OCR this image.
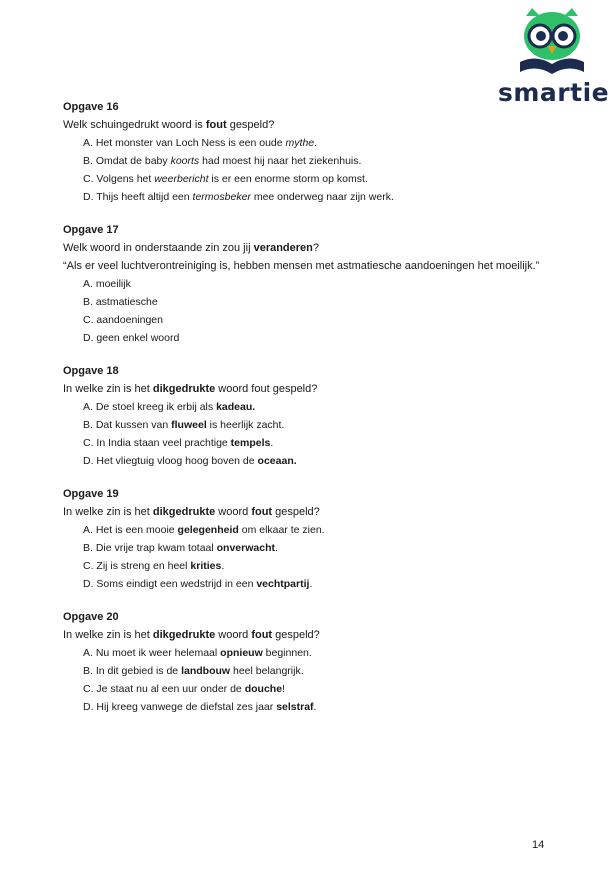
smartie
Opgave 16
Welk schuingedrukt woord is fout gespeld?
A. Het monster van Loch Ness is een oude mythe.
B. Omdat de baby koorts had moest hij naar het ziekenhuis.
C. Volgens het weerbericht is er een enorme storm op komst.
D. Thijs heeft altijd een termosbeker mee onderweg naar zijn werk.
Opgave 17
Welk woord in onderstaande zin zou jij veranderen?
“Als er veel luchtverontreiniging is, hebben mensen met astmatiesche aandoeningen het moeilijk.”
A. moeilijk
B. astmatiesche
C. aandoeningen
D. geen enkel woord
Opgave 18
In welke zin is het dikgedrukte woord fout gespeld?
A. De stoel kreeg ik erbij als kadeau.
B. Dat kussen van fluweel is heerlijk zacht.
C. In India staan veel prachtige tempels.
D. Het vliegtuig vloog hoog boven de oceaan.
Opgave 19
In welke zin is het dikgedrukte woord fout gespeld?
A. Het is een mooie gelegenheid om elkaar te zien.
B. Die vrije trap kwam totaal onverwacht.
C. Zij is streng en heel krities.
D. Soms eindigt een wedstrijd in een vechtpartij.
Opgave 20
In welke zin is het dikgedrukte woord fout gespeld?
A. Nu moet ik weer helemaal opnieuw beginnen.
B. In dit gebied is de landbouw heel belangrijk.
C. Je staat nu al een uur onder de douche!
D. Hij kreeg vanwege de diefstal zes jaar selstraf.
14
